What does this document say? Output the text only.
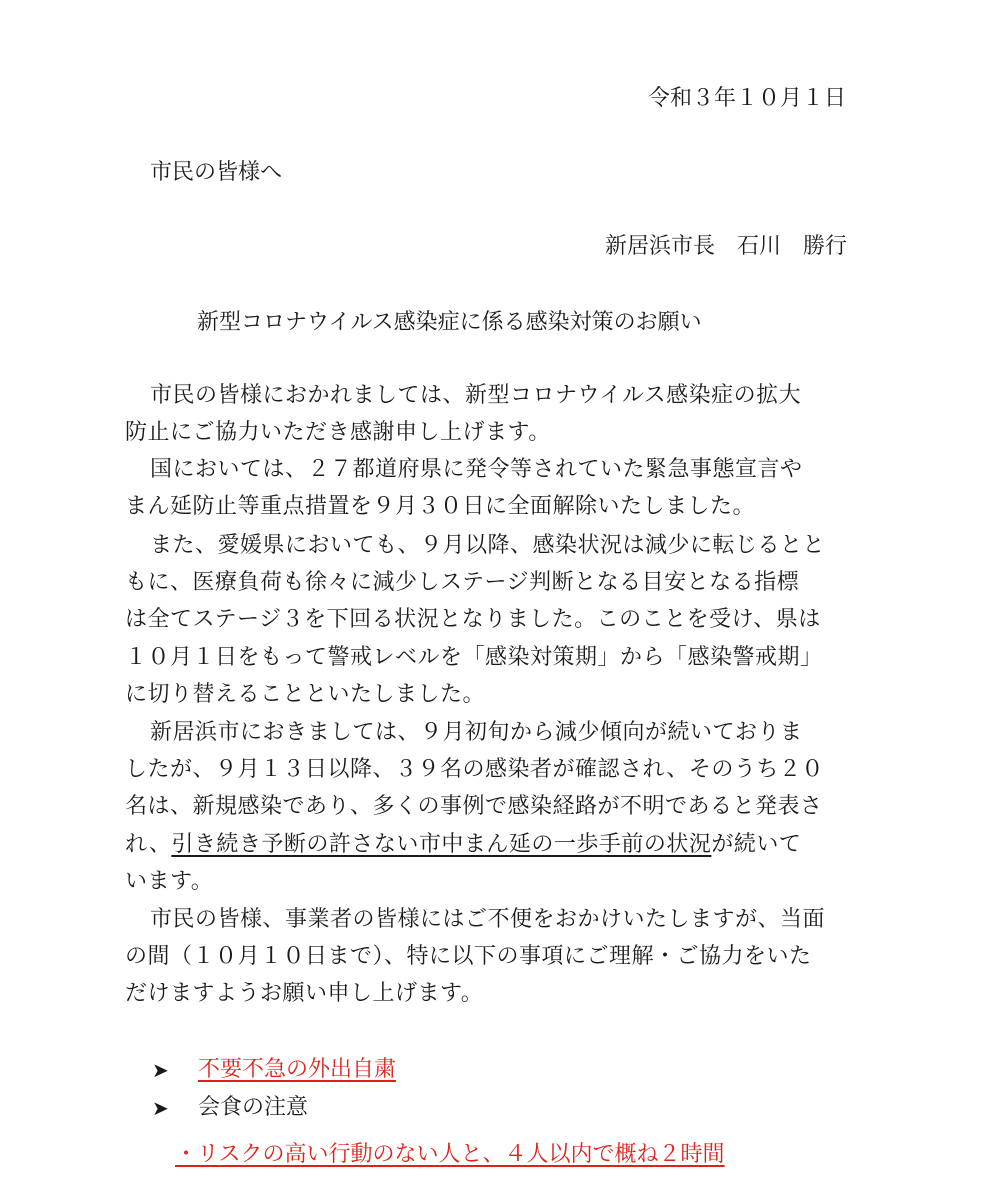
令和３年１０月１日
市民の皆様へ
新居浜市長　石川　勝行
新型コロナウイルス感染症に係る感染対策のお願い
市民の皆様におかれましては、新型コロナウイルス感染症の拡大
防止にご協力いただき感謝申し上げます。
国においては、２７都道府県に発令等されていた緊急事態宣言や
まん延防止等重点措置を９月３０日に全面解除いたしました。
また、愛媛県においても、９月以降、感染状況は減少に転じるとと
もに、医療負荷も徐々に減少しステージ判断となる目安となる指標
は全てステージ３を下回る状況となりました。このことを受け、県は
１０月１日をもって警戒レベルを「感染対策期」から「感染警戒期」
に切り替えることといたしました。
新居浜市におきましては、９月初旬から減少傾向が続いておりま
したが、９月１３日以降、３９名の感染者が確認され、そのうち２０
名は、新規感染であり、多くの事例で感染経路が不明であると発表さ
れ、引き続き予断の許さない市中まん延の一歩手前の状況が続いて
います。
市民の皆様、事業者の皆様にはご不便をおかけいたしますが、当面
の間（１０月１０日まで）、特に以下の事項にご理解・ご協力をいた
だけますようお願い申し上げます。
➤ 不要不急の外出自粛
➤ 会食の注意
・リスクの高い行動のない人と、４人以内で概ね２時間
